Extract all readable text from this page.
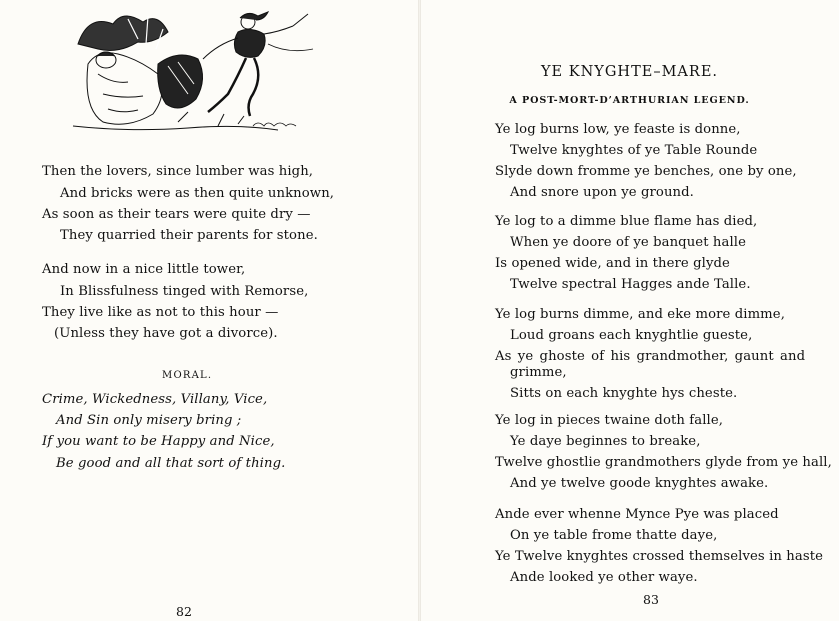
Then the lovers, since lumber was high,
And bricks were as then quite unknown,
As soon as their tears were quite dry —
They quarried their parents for stone.
And now in a nice little tower,
In Blissfulness tinged with Remorse,
They live like as not to this hour —
(Unless they have got a divorce).
MORAL.
Crime, Wickedness, Villany, Vice,
And Sin only misery bring ;
If you want to be Happy and Nice,
Be good and all that sort of thing.
82
YE KNYGHTE–MARE.
A POST-MORT-D’ARTHURIAN LEGEND.
Ye log burns low, ye feaste is donne,
Twelve knyghtes of ye Table Rounde
Slyde down fromme ye benches, one by one,
And snore upon ye ground.
Ye log to a dimme blue flame has died,
When ye doore of ye banquet halle
Is opened wide, and in there glyde
Twelve spectral Hagges ande Talle.
Ye log burns dimme, and eke more dimme,
Loud groans each knyghtlie gueste,
As ye ghoste of his grandmother, gaunt and
grimme,
Sitts on each knyghte hys cheste.
Ye log in pieces twaine doth falle,
Ye daye beginnes to breake,
Twelve ghostlie grandmothers glyde from ye hall,
And ye twelve goode knyghtes awake.
Ande ever whenne Mynce Pye was placed
On ye table frome thatte daye,
Ye Twelve knyghtes crossed themselves in haste
Ande looked ye other waye.
83
